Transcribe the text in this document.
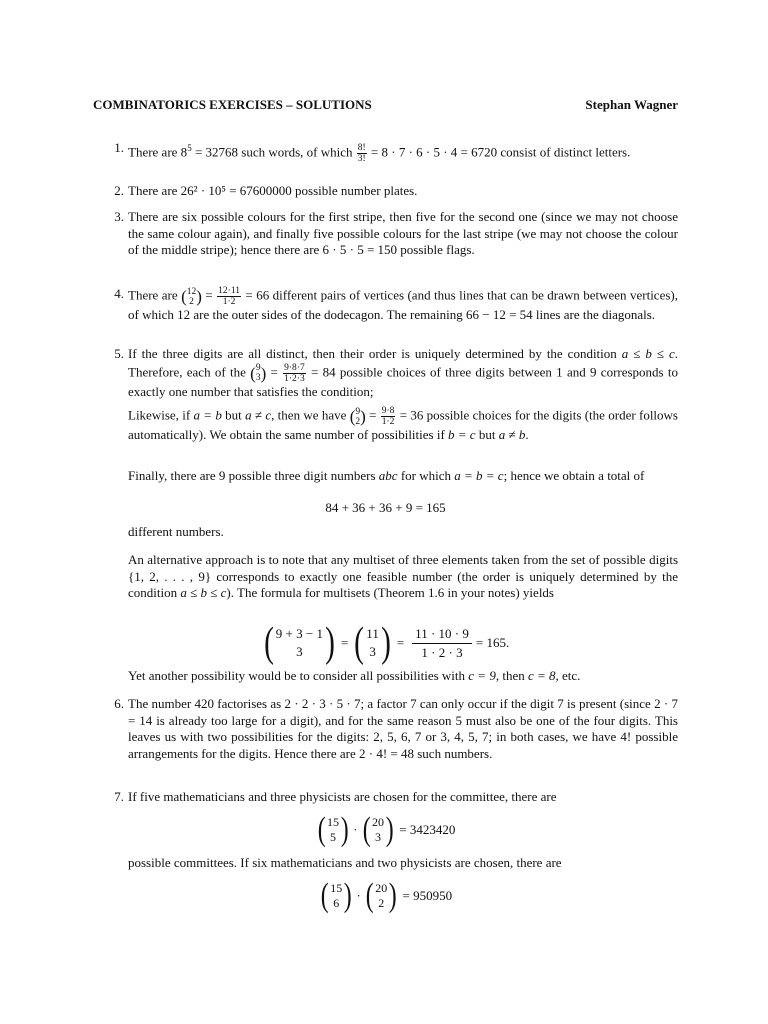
COMBINATORICS EXERCISES – SOLUTIONS	Stephan Wagner
1. There are $8^5 = 32768$ such words, of which $\frac{8!}{3!} = 8 \cdot 7 \cdot 6 \cdot 5 \cdot 4 = 6720$ consist of distinct letters.

2. There are 26² · 10⁵ = 67600000 possible number plates.

3. There are six possible colours for the first stripe, then five for the second one (since we may not choose the same colour again), and finally five possible colours for the last stripe (we may not choose the colour of the middle stripe); hence there are 6 · 5 · 5 = 150 possible flags.

4. There are ( 12
2 ) = $\frac{12\cdot 11}{1\cdot 2} = 66$ different pairs of vertices (and thus lines that can be drawn between vertices), of which 12 are the outer sides of the dodecagon. The remaining 66 − 12 = 54 lines are the diagonals.

5. If the three digits are all distinct, then their order is uniquely determined by the condition a ≤ b ≤ c. Therefore, each of the ( 9
3 ) = $\frac{9\cdot 8\cdot 7}{1\cdot 2\cdot 3} = 84$ possible choices of three digits between 1 and 9 corresponds to exactly one number that satisfies the condition;

Likewise, if a = b but a ≠ c, then we have ( 9
2 ) = $\frac{9\cdot 8}{1\cdot 2} = 36$ possible choices for the digits (the order follows automatically). We obtain the same number of possibilities if b = c but a ≠ b.

Finally, there are 9 possible three digit numbers abc for which a = b = c; hence we obtain a total of

84 + 36 + 36 + 9 = 165

different numbers.

An alternative approach is to note that any multiset of three elements taken from the set of possible digits {1, 2, . . . , 9} corresponds to exactly one feasible number (the order is uniquely determined by the condition a ≤ b ≤ c). The formula for multisets (Theorem 1.6 in your notes) yields

( 9 + 3 − 1
3 ) = ( 11
3 ) = $\frac{11 \cdot 10 \cdot 9}{1 \cdot 2 \cdot 3} = 165$.

Yet another possibility would be to consider all possibilities with c = 9, then c = 8, etc.

6. The number 420 factorises as 2 · 2 · 3 · 5 · 7; a factor 7 can only occur if the digit 7 is present (since 2 · 7 = 14 is already too large for a digit), and for the same reason 5 must also be one of the four digits. This leaves us with two possibilities for the digits: 2, 5, 6, 7 or 3, 4, 5, 7; in both cases, we have 4! possible arrangements for the digits. Hence there are 2 · 4! = 48 such numbers.

7. If five mathematicians and three physicists are chosen for the committee, there are

( 15
5 ) · ( 20
3 ) = 3423420

possible committees. If six mathematicians and two physicists are chosen, there are

( 15
6 ) · ( 20
2 ) = 950950
